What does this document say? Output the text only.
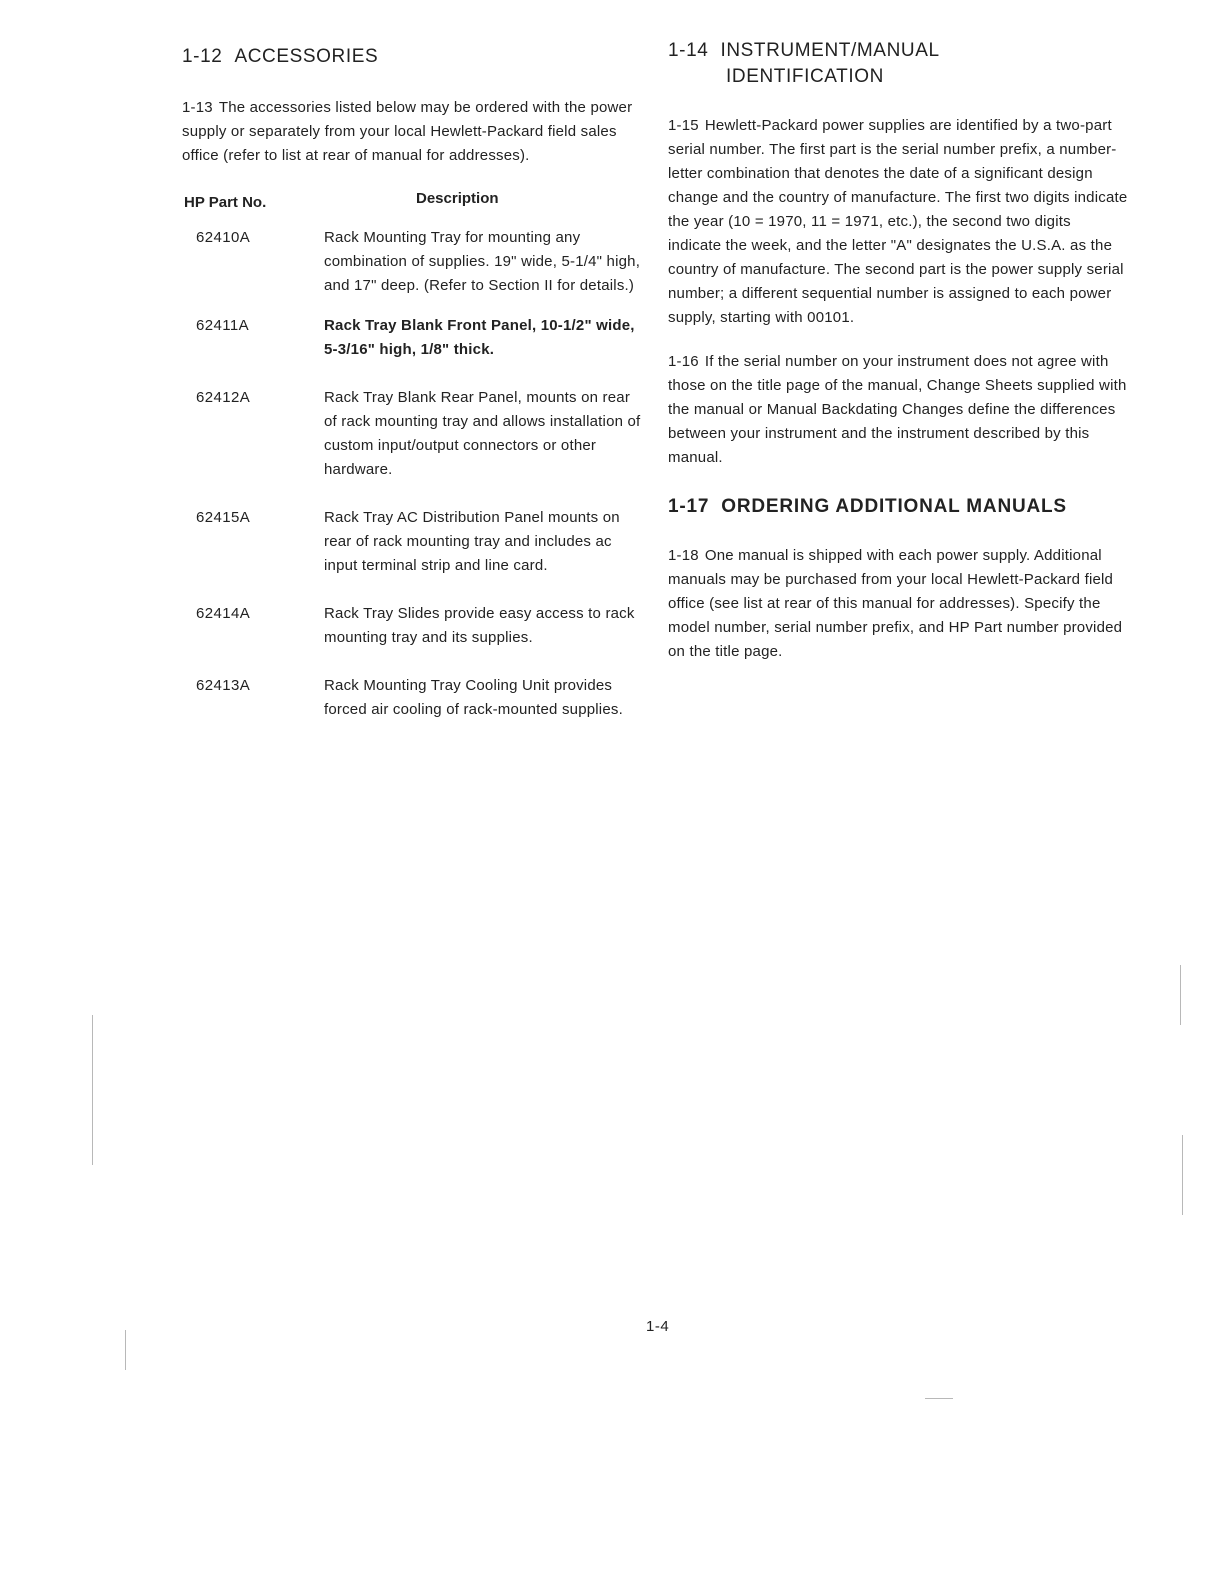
1-12 ACCESSORIES

1-13 The accessories listed below may be ordered with the power supply or separately from your local Hewlett-Packard field sales office (refer to list at rear of manual for addresses).

HP Part No.	Description
62410A	Rack Mounting Tray for mounting any combination of supplies. 19" wide, 5-1/4" high, and 17" deep. (Refer to Section II for details.)
62411A	Rack Tray Blank Front Panel, 10-1/2" wide, 5-3/16" high, 1/8" thick.
62412A	Rack Tray Blank Rear Panel, mounts on rear of rack mounting tray and allows installation of custom input/output connectors or other hardware.
62415A	Rack Tray AC Distribution Panel mounts on rear of rack mounting tray and includes ac input terminal strip and line card.
62414A	Rack Tray Slides provide easy access to rack mounting tray and its supplies.
62413A	Rack Mounting Tray Cooling Unit provides forced air cooling of rack-mounted supplies.
1-14 INSTRUMENT/MANUAL
IDENTIFICATION

1-15 Hewlett-Packard power supplies are identified by a two-part serial number. The first part is the serial number prefix, a number-letter combination that denotes the date of a significant design change and the country of manufacture. The first two digits indicate the year (10 = 1970, 11 = 1971, etc.), the second two digits indicate the week, and the letter "A" designates the U.S.A. as the country of manufacture. The second part is the power supply serial number; a different sequential number is assigned to each power supply, starting with 00101.

1-16 If the serial number on your instrument does not agree with those on the title page of the manual, Change Sheets supplied with the manual or Manual Backdating Changes define the differences between your instrument and the instrument described by this manual.

1-17 ORDERING ADDITIONAL MANUALS

1-18 One manual is shipped with each power supply. Additional manuals may be purchased from your local Hewlett-Packard field office (see list at rear of this manual for addresses). Specify the model number, serial number prefix, and HP Part number provided on the title page.

1-4
